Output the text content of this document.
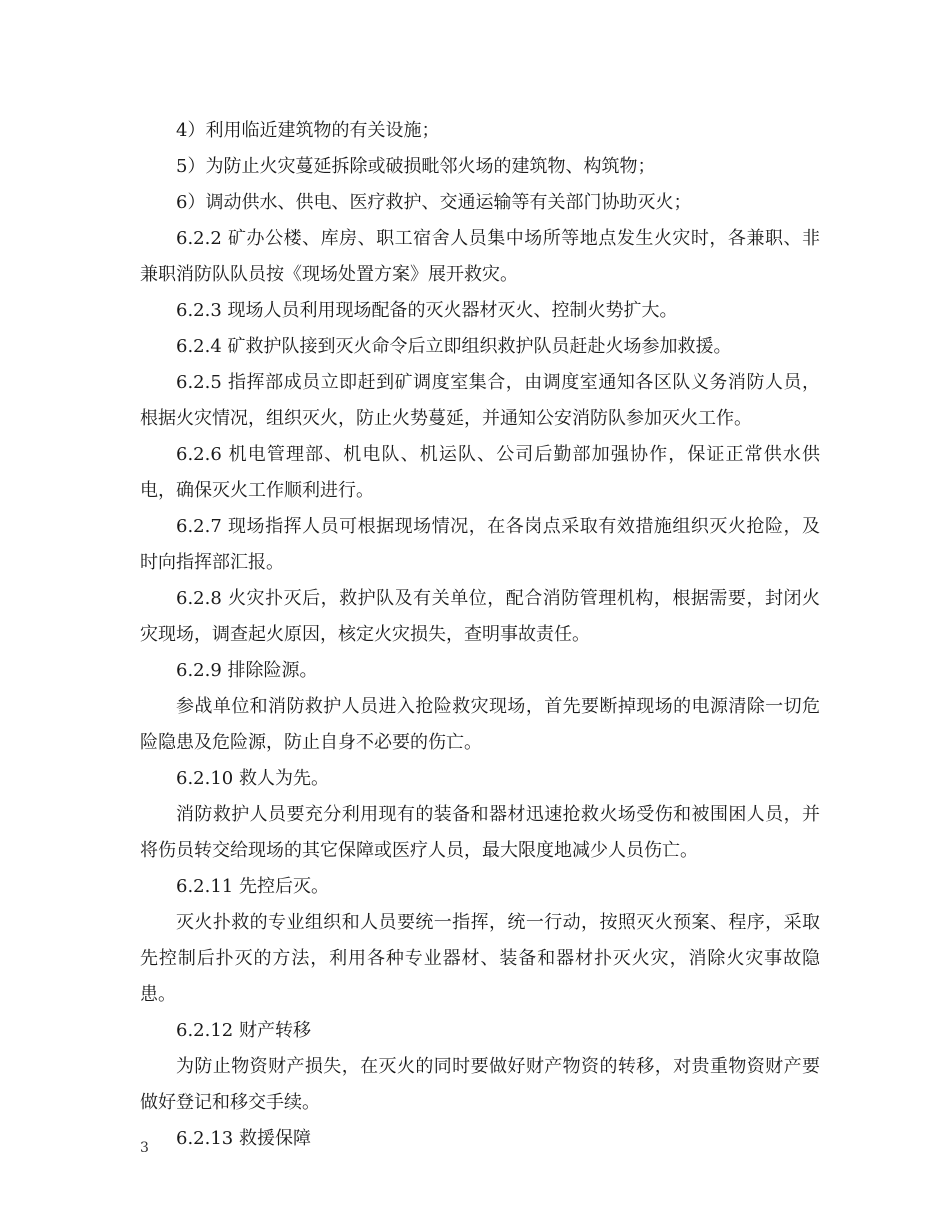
4）利用临近建筑物的有关设施；

5）为防止火灾蔓延拆除或破损毗邻火场的建筑物、构筑物；

6）调动供水、供电、医疗救护、交通运输等有关部门协助灭火；

6.2.2 矿办公楼、库房、职工宿舍人员集中场所等地点发生火灾时，各兼职、非兼职消防队队员按《现场处置方案》展开救灾。

6.2.3 现场人员利用现场配备的灭火器材灭火、控制火势扩大。

6.2.4 矿救护队接到灭火命令后立即组织救护队员赶赴火场参加救援。

6.2.5 指挥部成员立即赶到矿调度室集合，由调度室通知各区队义务消防人员，根据火灾情况，组织灭火，防止火势蔓延，并通知公安消防队参加灭火工作。

6.2.6 机电管理部、机电队、机运队、公司后勤部加强协作，保证正常供水供电，确保灭火工作顺利进行。

6.2.7 现场指挥人员可根据现场情况，在各岗点采取有效措施组织灭火抢险，及时向指挥部汇报。

6.2.8 火灾扑灭后，救护队及有关单位，配合消防管理机构，根据需要，封闭火灾现场，调查起火原因，核定火灾损失，查明事故责任。

6.2.9 排除险源。

参战单位和消防救护人员进入抢险救灾现场，首先要断掉现场的电源清除一切危险隐患及危险源，防止自身不必要的伤亡。

6.2.10 救人为先。

消防救护人员要充分利用现有的装备和器材迅速抢救火场受伤和被围困人员，并将伤员转交给现场的其它保障或医疗人员，最大限度地减少人员伤亡。

6.2.11 先控后灭。

灭火扑救的专业组织和人员要统一指挥，统一行动，按照灭火预案、程序，采取先控制后扑灭的方法，利用各种专业器材、装备和器材扑灭火灾，消除火灾事故隐患。

6.2.12 财产转移

为防止物资财产损失，在灭火的同时要做好财产物资的转移，对贵重物资财产要做好登记和移交手续。

6.2.13 救援保障

3
